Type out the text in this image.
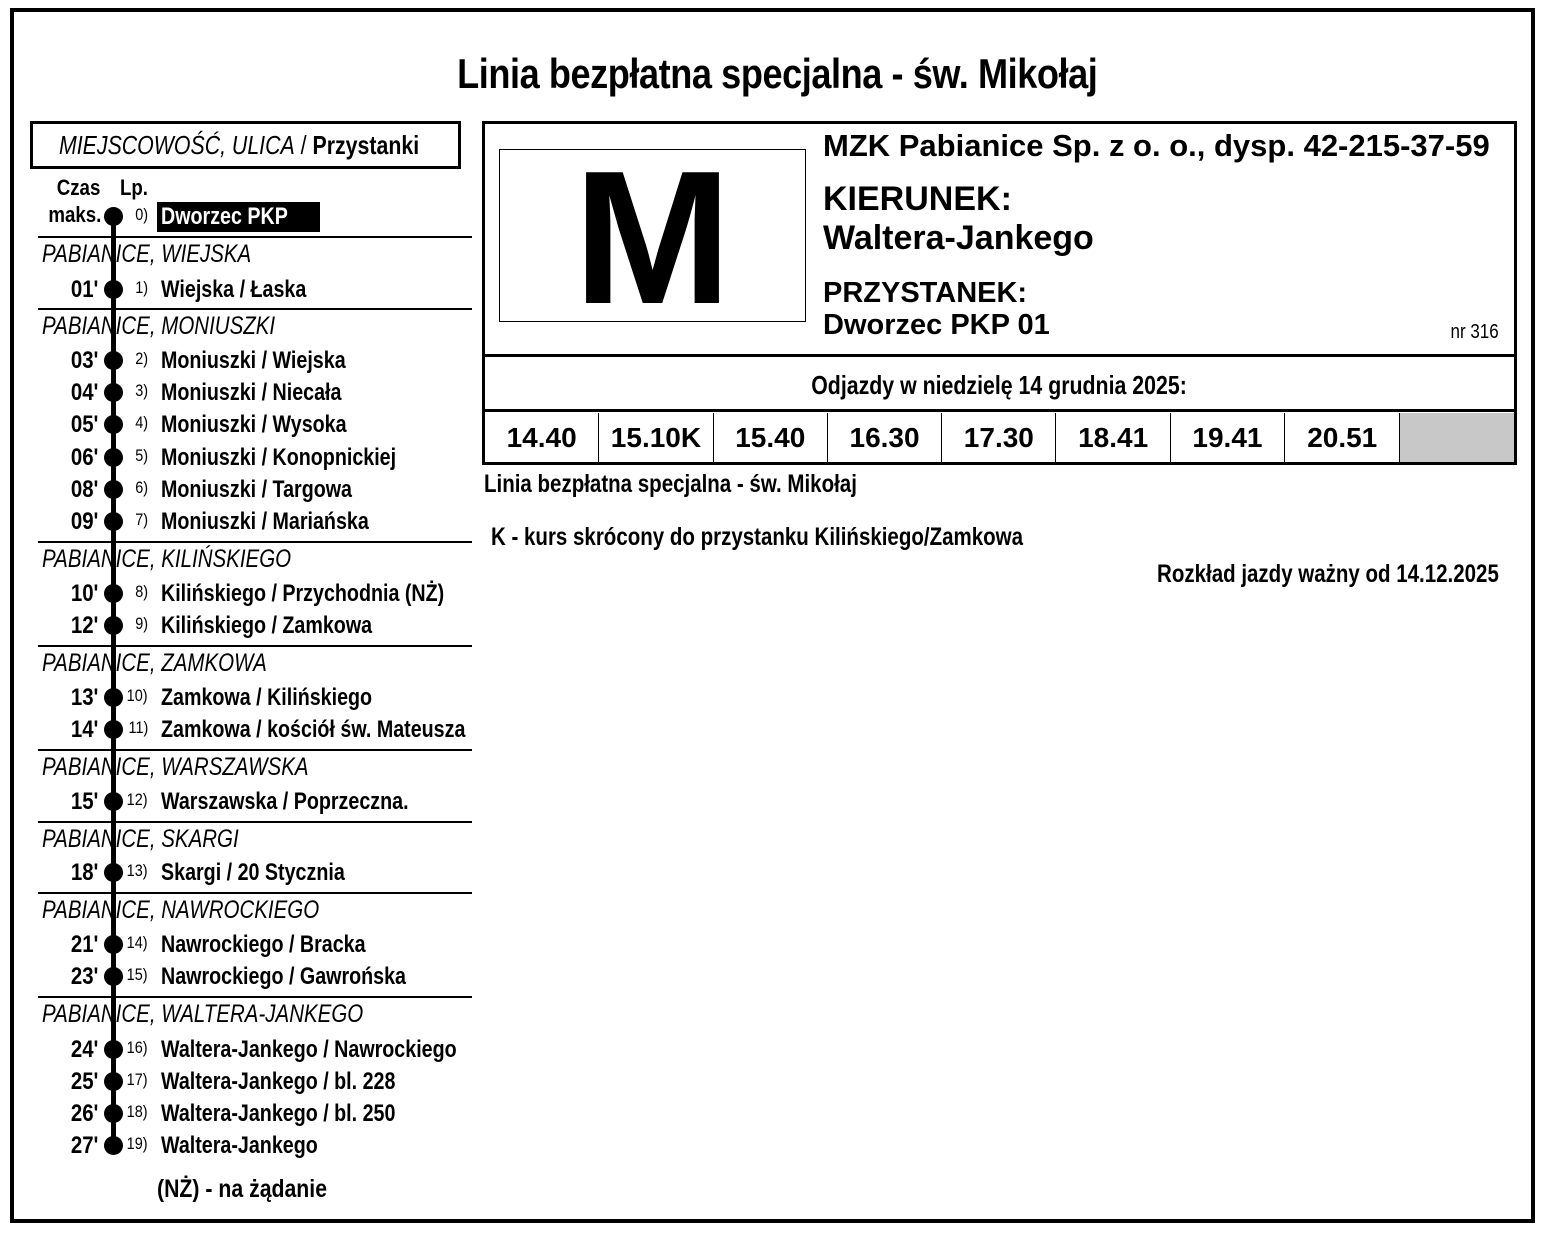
Linia bezpłatna specjalna - św. Mikołaj
MIEJSCOWOŚĆ, ULICA / Przystanki
Czas
maks.
Lp.
0) Dworzec PKP
PABIANICE, WIEJSKA
01'	1) Wiejska / Łaska
PABIANICE, MONIUSZKI
03'	2) Moniuszki / Wiejska
04'	3) Moniuszki / Niecała
05'	4) Moniuszki / Wysoka
06'	5) Moniuszki / Konopnickiej
08'	6) Moniuszki / Targowa
09'	7) Moniuszki / Mariańska
PABIANICE, KILIŃSKIEGO
10'	8) Kilińskiego / Przychodnia (NŻ)
12'	9) Kilińskiego / Zamkowa
PABIANICE, ZAMKOWA
13'	10) Zamkowa / Kilińskiego
14'	11) Zamkowa / kościół św. Mateusza
PABIANICE, WARSZAWSKA
15'	12) Warszawska / Poprzeczna.
PABIANICE, SKARGI
18'	13) Skargi / 20 Stycznia
PABIANICE, NAWROCKIEGO
21'	14) Nawrockiego / Bracka
23'	15) Nawrockiego / Gawrońska
PABIANICE, WALTERA-JANKEGO
24'	16) Waltera-Jankego / Nawrockiego
25'	17) Waltera-Jankego / bl. 228
26'	18) Waltera-Jankego / bl. 250
27'	19) Waltera-Jankego
(NŻ) - na żądanie
M	MZK Pabianice Sp. z o. o., dysp. 42-215-37-59
KIERUNEK:
Waltera-Jankego
PRZYSTANEK:
Dworzec PKP 01	nr 316
Odjazdy w niedzielę 14 grudnia 2025:
14.40	15.10K	15.40	16.30	17.30	18.41	19.41	20.51
Linia bezpłatna specjalna - św. Mikołaj
K - kurs skrócony do przystanku Kilińskiego/Zamkowa
Rozkład jazdy ważny od 14.12.2025
